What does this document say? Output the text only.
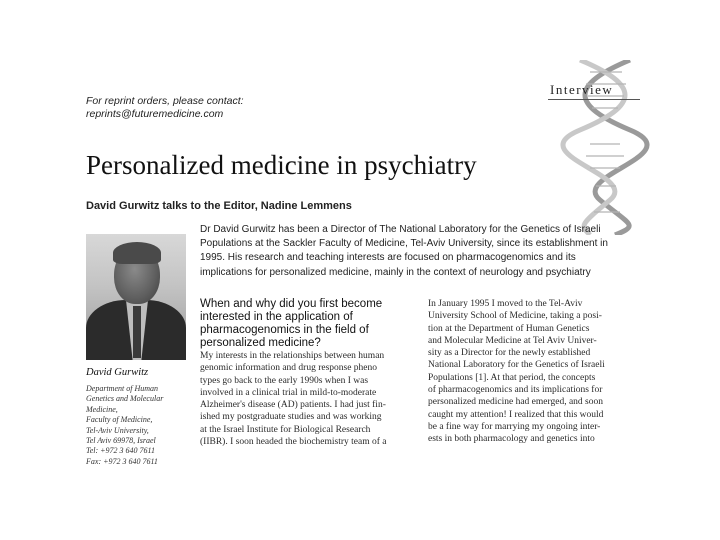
For reprint orders, please contact:
reprints@futuremedicine.com
Interview
Personalized medicine in psychiatry
David Gurwitz talks to the Editor, Nadine Lemmens
Dr David Gurwitz has been a Director of The National Laboratory for the Genetics of Israeli
Populations at the Sackler Faculty of Medicine, Tel-Aviv University, since its establishment in
1995. His research and teaching interests are focused on pharmacogenomics and its
implications for personalized medicine, mainly in the context of neurology and psychiatry
David Gurwitz
Department of Human
Genetics and Molecular
Medicine,
Faculty of Medicine,
Tel-Aviv University,
Tel Aviv 69978, Israel
Tel: +972 3 640 7611
Fax: +972 3 640 7611
When and why did you first become
interested in the application of
pharmacogenomics in the field of
personalized medicine?
My interests in the relationships between human
genomic information and drug response pheno
types go back to the early 1990s when I was
involved in a clinical trial in mild-to-moderate
Alzheimer's disease (AD) patients. I had just fin-
ished my postgraduate studies and was working
at the Israel Institute for Biological Research
(IIBR). I soon headed the biochemistry team of a
In January 1995 I moved to the Tel-Aviv
University School of Medicine, taking a posi-
tion at the Department of Human Genetics
and Molecular Medicine at Tel Aviv Univer-
sity as a Director for the newly established
National Laboratory for the Genetics of Israeli
Populations [1]. At that period, the concepts
of pharmacogenomics and its implications for
personalized medicine had emerged, and soon
caught my attention! I realized that this would
be a fine way for marrying my ongoing inter-
ests in both pharmacology and genetics into
